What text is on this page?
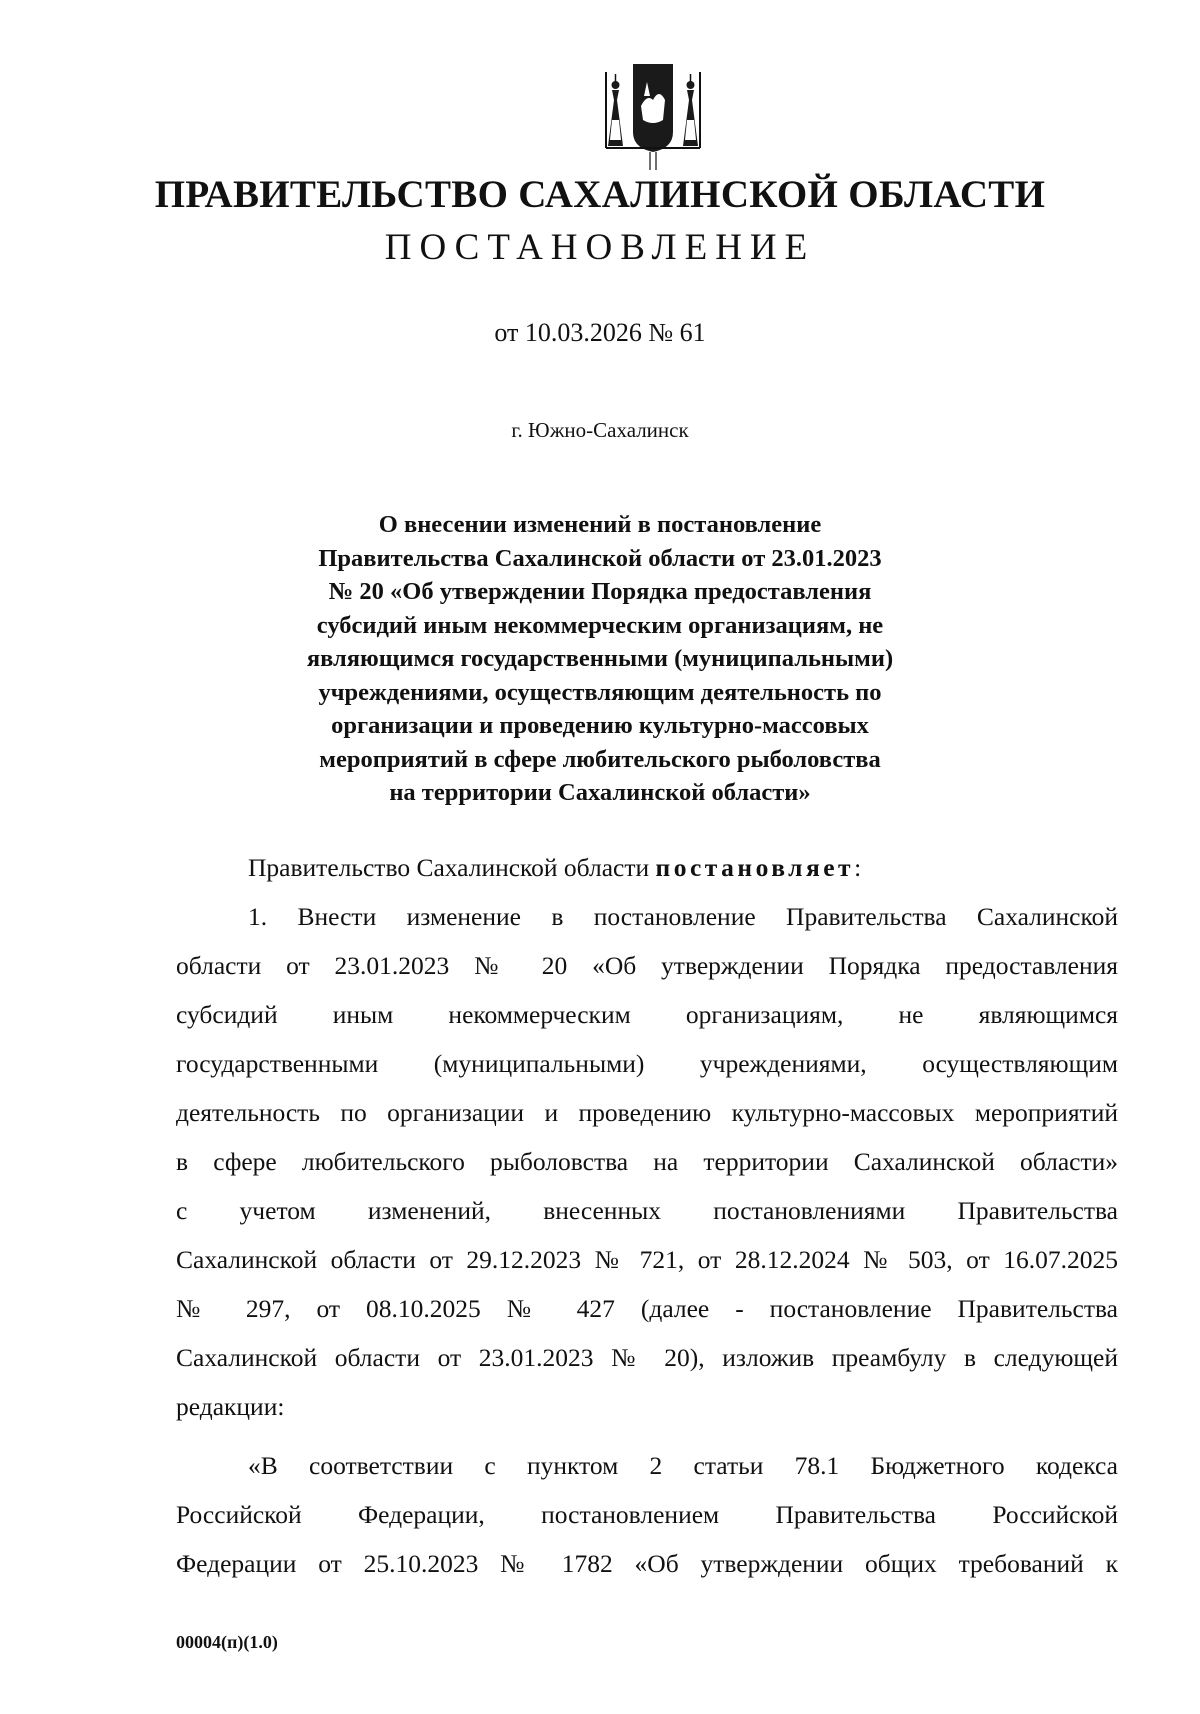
ПРАВИТЕЛЬСТВО САХАЛИНСКОЙ ОБЛАСТИ
ПОСТАНОВЛЕНИЕ
от 10.03.2026 № 61
г. Южно-Сахалинск
О внесении изменений в постановление
Правительства Сахалинской области от 23.01.2023
№ 20 «Об утверждении Порядка предоставления
субсидий иным некоммерческим организациям, не
являющимся государственными (муниципальными)
учреждениями, осуществляющим деятельность по
организации и проведению культурно-массовых
мероприятий в сфере любительского рыболовства
на территории Сахалинской области»
Правительство Сахалинской области постановляет:
1. Внести изменение в постановление Правительства Сахалинской
области от 23.01.2023 № 20 «Об утверждении Порядка предоставления
субсидий иным некоммерческим организациям, не являющимся
государственными (муниципальными) учреждениями, осуществляющим
деятельность по организации и проведению культурно-массовых мероприятий
в сфере любительского рыболовства на территории Сахалинской области»
с учетом изменений, внесенных постановлениями Правительства
Сахалинской области от 29.12.2023 № 721, от 28.12.2024 № 503, от 16.07.2025
№ 297, от 08.10.2025 № 427 (далее - постановление Правительства
Сахалинской области от 23.01.2023 № 20), изложив преамбулу в следующей
редакции:
«В соответствии с пунктом 2 статьи 78.1 Бюджетного кодекса
Российской Федерации, постановлением Правительства Российской
Федерации от 25.10.2023 № 1782 «Об утверждении общих требований к
00004(п)(1.0)
